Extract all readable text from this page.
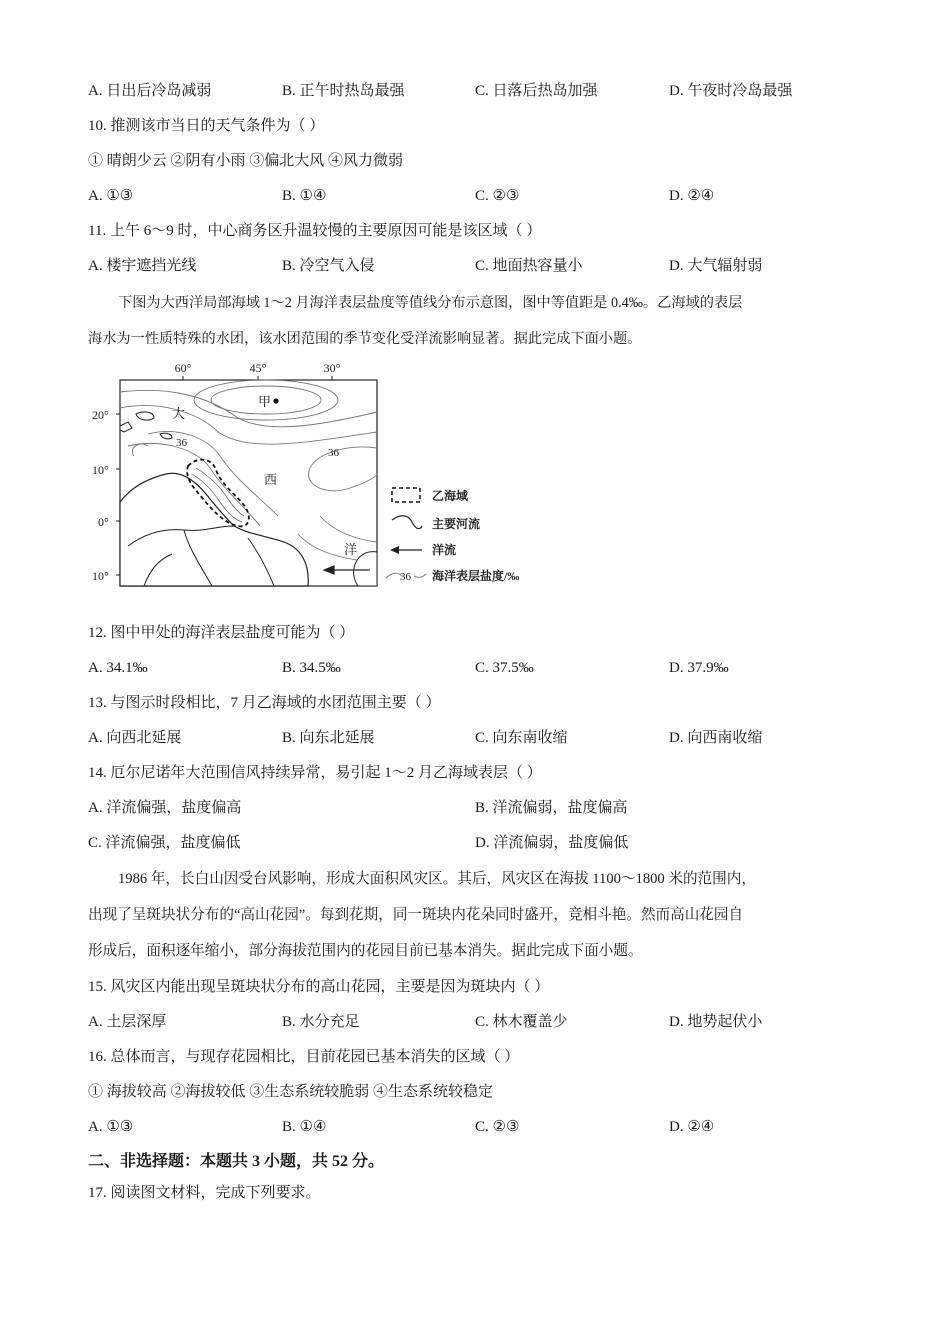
A. 日出后冷岛减弱	B. 正午时热岛最强	C. 日落后热岛加强	D. 午夜时冷岛最强
10. 推测该市当日的天气条件为（ ）
① 晴朗少云 ②阴有小雨 ③偏北大风 ④风力微弱
A. ①③	B. ①④	C. ②③	D. ②④
11. 上午 6～9 时，中心商务区升温较慢的主要原因可能是该区域（ ）
A. 楼宇遮挡光线	B. 冷空气入侵	C. 地面热容量小	D. 大气辐射弱
下图为大西洋局部海域 1～2 月海洋表层盐度等值线分布示意图，图中等值距是 0.4‰。乙海域的表层
海水为一性质特殊的水团，该水团范围的季节变化受洋流影响显著。据此完成下面小题。
60°	45°	30°
20°
10°
0°
10°
甲
大
西
洋
36
36
乙海域
主要河流
洋流
36 海洋表层盐度/‰
12. 图中甲处的海洋表层盐度可能为（ ）
A. 34.1‰	B. 34.5‰	C. 37.5‰	D. 37.9‰
13. 与图示时段相比，7 月乙海域的水团范围主要（ ）
A. 向西北延展	B. 向东北延展	C. 向东南收缩	D. 向西南收缩
14. 厄尔尼诺年大范围信风持续异常，易引起 1～2 月乙海域表层（ ）
A. 洋流偏强，盐度偏高	B. 洋流偏弱，盐度偏高
C. 洋流偏强，盐度偏低	D. 洋流偏弱，盐度偏低
1986 年，长白山因受台风影响，形成大面积风灾区。其后，风灾区在海拔 1100～1800 米的范围内，
出现了呈斑块状分布的“高山花园”。每到花期，同一斑块内花朵同时盛开，竞相斗艳。然而高山花园自
形成后，面积逐年缩小，部分海拔范围内的花园目前已基本消失。据此完成下面小题。
15. 风灾区内能出现呈斑块状分布的高山花园，主要是因为斑块内（ ）
A. 土层深厚	B. 水分充足	C. 林木覆盖少	D. 地势起伏小
16. 总体而言，与现存花园相比，目前花园已基本消失的区域（ ）
① 海拔较高 ②海拔较低 ③生态系统较脆弱 ④生态系统较稳定
A. ①③	B. ①④	C. ②③	D. ②④
二、非选择题：本题共 3 小题，共 52 分。
17. 阅读图文材料，完成下列要求。
